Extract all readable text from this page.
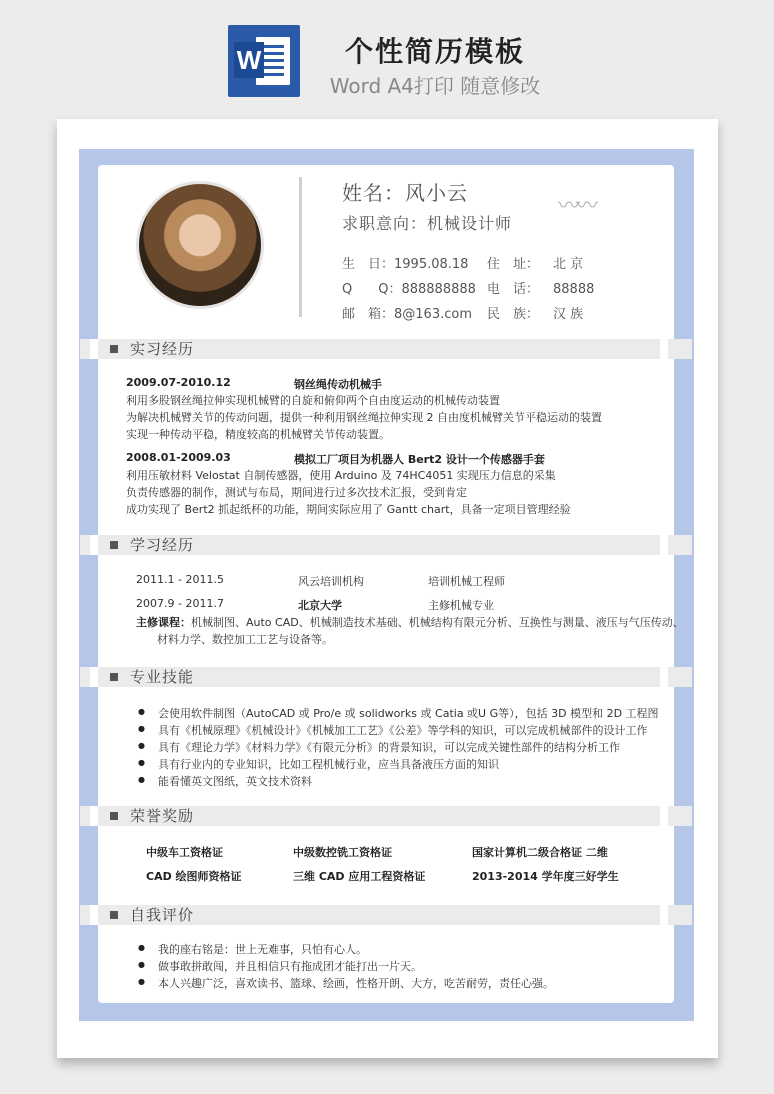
W	个性简历模板
Word A4打印 随意修改
姓名：风小云
求职意向：机械设计师
〰〰
生　日：1995.08.18 住　址： 北 京
Q　　Q：888888888 电　话： 88888
邮　箱：8@163.com 民　族： 汉 族
实习经历
2009.07-2010.12	钢丝绳传动机械手
利用多股钢丝绳拉伸实现机械臂的自旋和俯仰两个自由度运动的机械传动装置
为解决机械臂关节的传动问题，提供一种利用钢丝绳拉伸实现 2 自由度机械臂关节平稳运动的装置
实现一种传动平稳，精度较高的机械臂关节传动装置。
2008.01-2009.03	模拟工厂项目为机器人 Bert2 设计一个传感器手套
利用压敏材料 Velostat 自制传感器，使用 Arduino 及 74HC4051 实现压力信息的采集
负责传感器的制作，测试与布局，期间进行过多次技术汇报，受到肯定
成功实现了 Bert2 抓起纸杯的功能，期间实际应用了 Gantt chart，具备一定项目管理经验
学习经历
2011.1 - 2011.5	风云培训机构	培训机械工程师
2007.9 - 2011.7	北京大学	主修机械专业
主修课程：机械制图、Auto CAD、机械制造技术基础、机械结构有限元分析、互换性与测量、液压与气压传动、
材料力学、数控加工工艺与设备等。
专业技能
● 会使用软件制图（AutoCAD 或 Pro/e 或 solidworks 或 Catia 或U G等），包括 3D 模型和 2D 工程图
● 具有《机械原理》《机械设计》《机械加工工艺》《公差》等学科的知识，可以完成机械部件的设计工作
● 具有《理论力学》《材料力学》《有限元分析》的背景知识，可以完成关键性部件的结构分析工作
● 具有行业内的专业知识，比如工程机械行业，应当具备液压方面的知识
● 能看懂英文图纸，英文技术资料
荣誉奖励
中级车工资格证	中级数控铣工资格证	国家计算机二级合格证 二维
CAD 绘图师资格证	三维 CAD 应用工程资格证	2013-2014 学年度三好学生
自我评价
● 我的座右铭是：世上无难事，只怕有心人。
● 做事敢拼敢闯，并且相信只有拖成团才能打出一片天。
● 本人兴趣广泛，喜欢读书、篮球、绘画，性格开朗、大方，吃苦耐劳，责任心强。
